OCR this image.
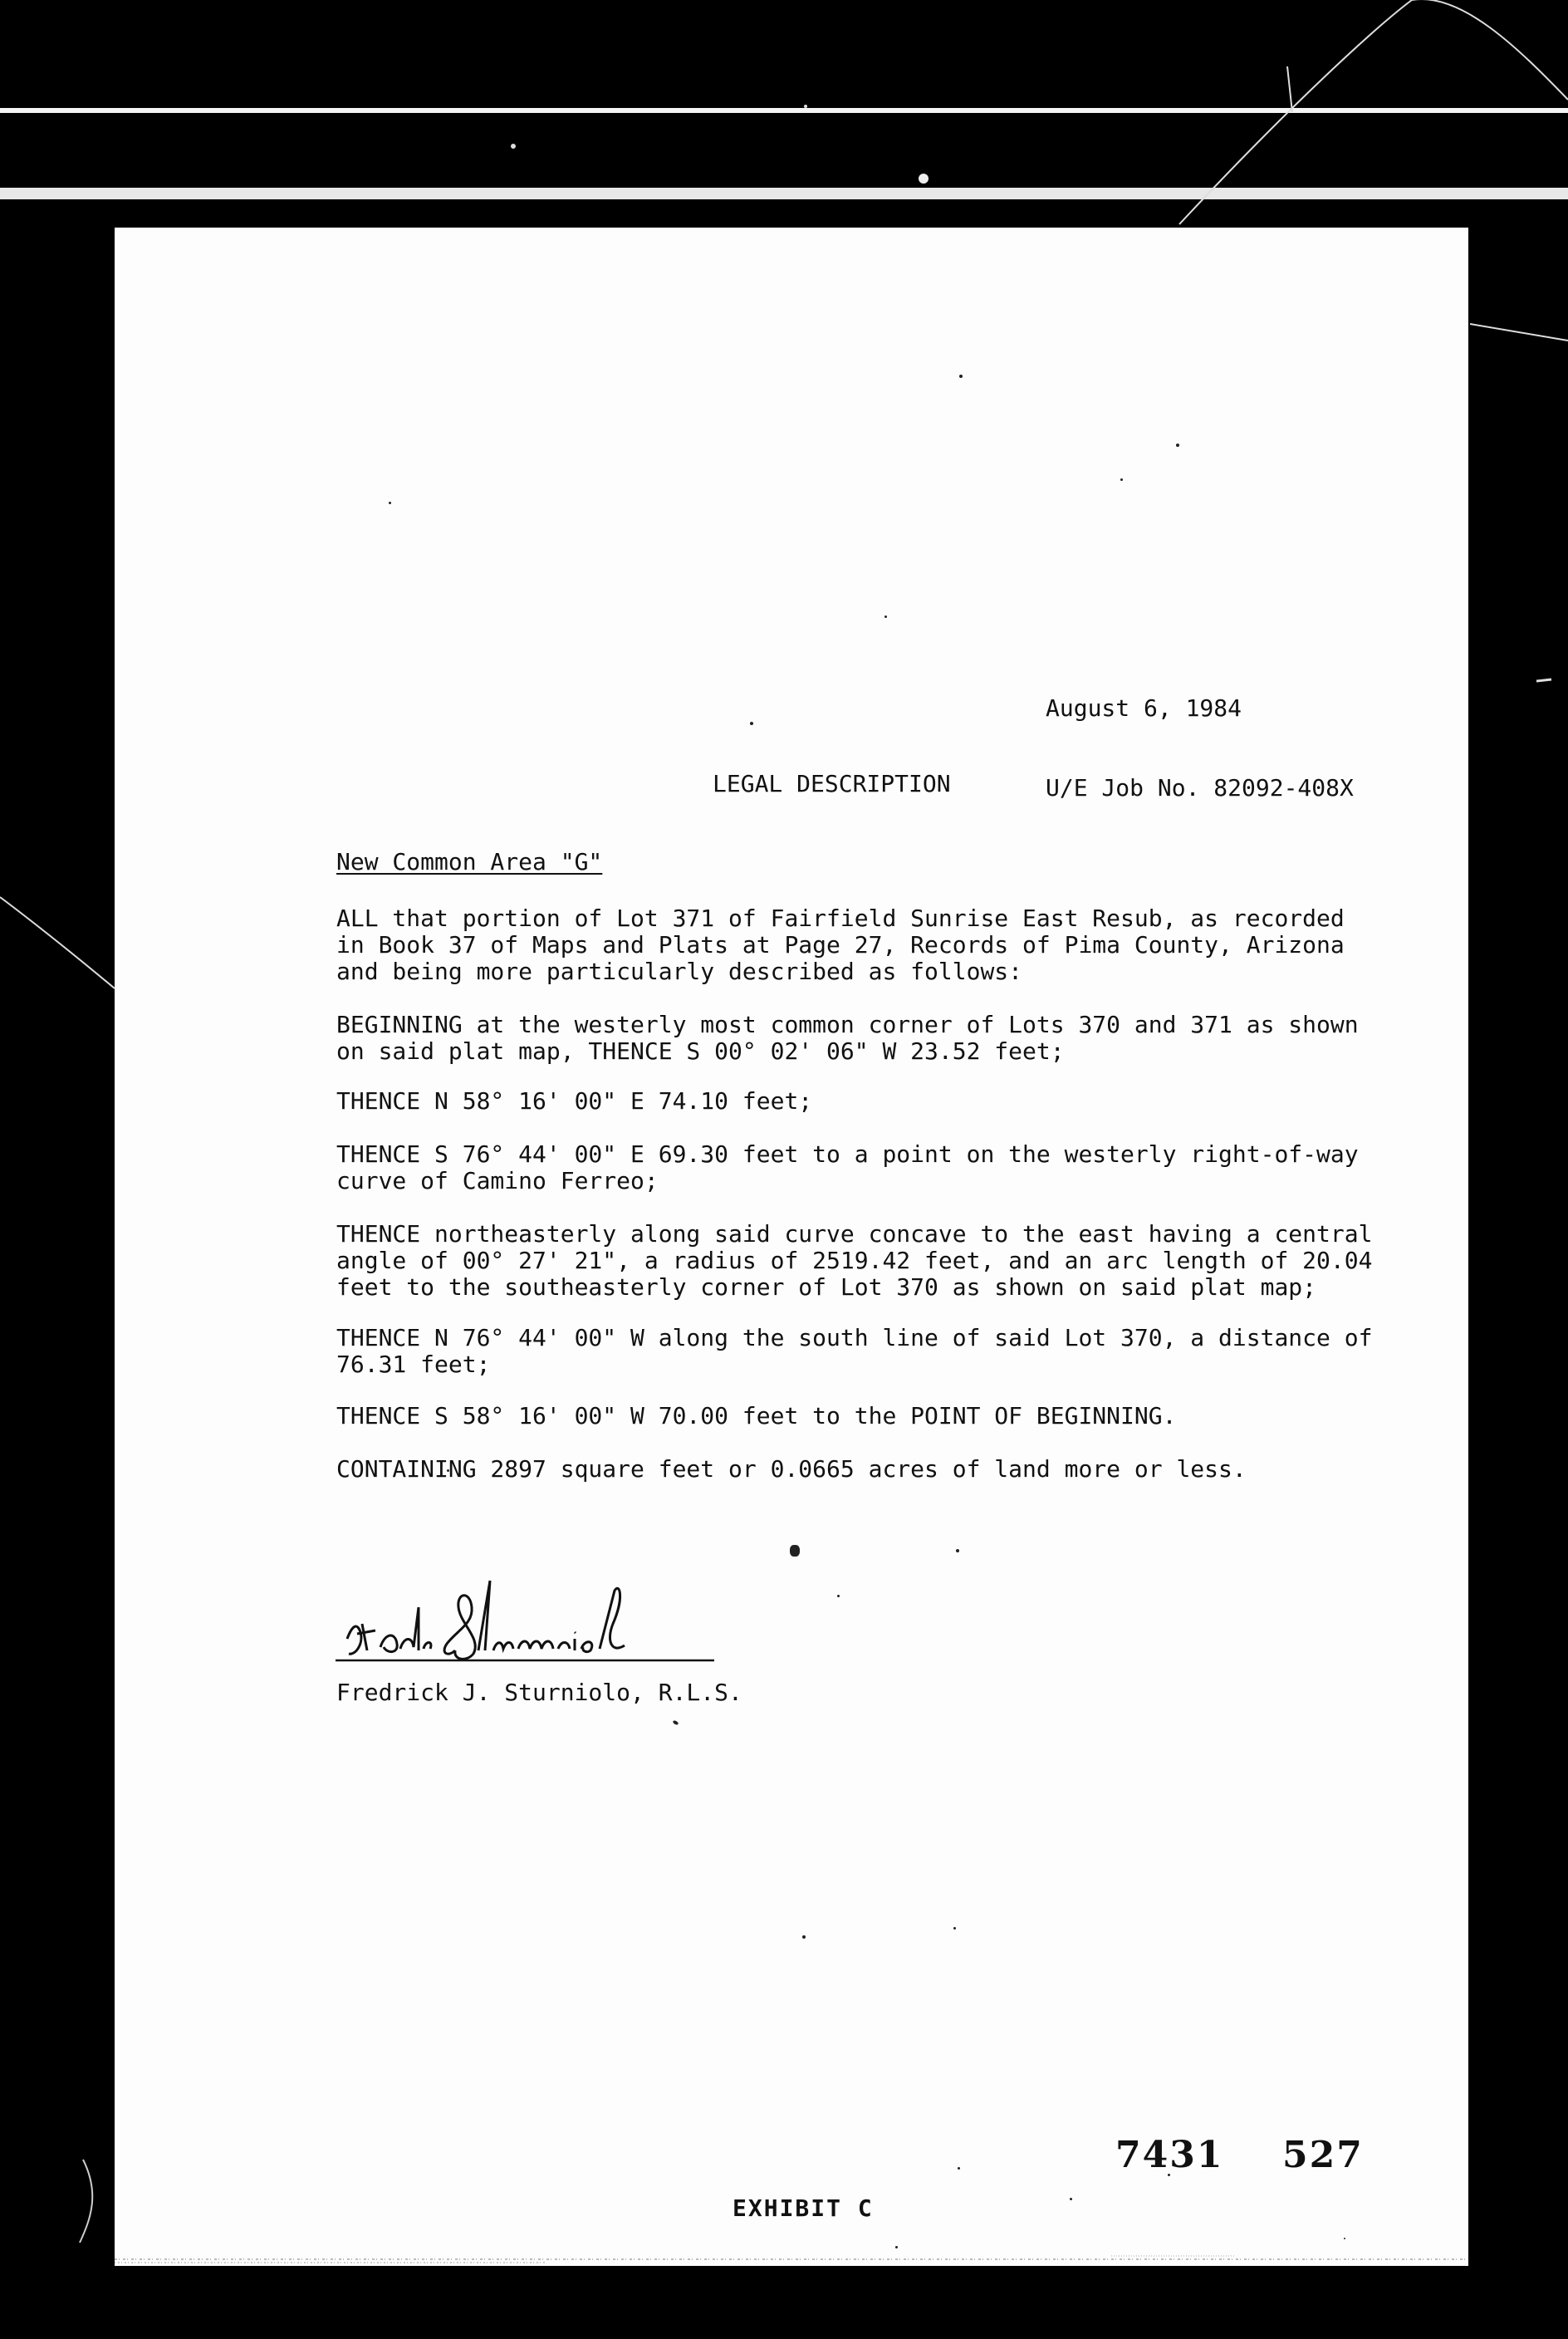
August 6, 1984

U/E Job No. 82092-408X

LEGAL DESCRIPTION
New Common Area "G"
ALL that portion of Lot 371 of Fairfield Sunrise East Resub, as recorded
in Book 37 of Maps and Plats at Page 27, Records of Pima County, Arizona
and being more particularly described as follows:
BEGINNING at the westerly most common corner of Lots 370 and 371 as shown
on said plat map, THENCE S 00° 02' 06" W 23.52 feet;
THENCE N 58° 16' 00" E 74.10 feet;
THENCE S 76° 44' 00" E 69.30 feet to a point on the westerly right-of-way
curve of Camino Ferreo;
THENCE northeasterly along said curve concave to the east having a central
angle of 00° 27' 21", a radius of 2519.42 feet, and an arc length of 20.04
feet to the southeasterly corner of Lot 370 as shown on said plat map;
THENCE N 76° 44' 00" W along the south line of said Lot 370, a distance of
76.31 feet;
THENCE S 58° 16' 00" W 70.00 feet to the POINT OF BEGINNING.
CONTAINING 2897 square feet or 0.0665 acres of land more or less.
Fredrick J. Sturniolo, R.L.S.
7431 527
EXHIBIT C
